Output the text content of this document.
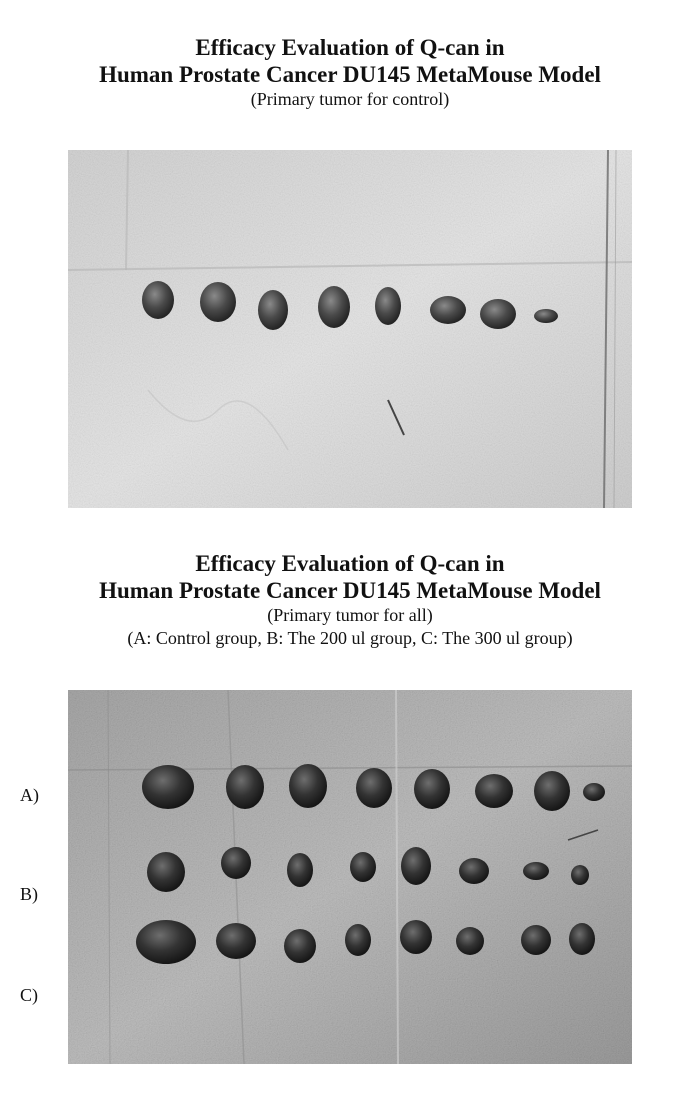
Efficacy Evaluation of Q-can in
Human Prostate Cancer DU145 MetaMouse Model
(Primary tumor for control)
Efficacy Evaluation of Q-can in
Human Prostate Cancer DU145 MetaMouse Model
(Primary tumor for all)
(A: Control group, B: The 200 ul group, C: The 300 ul group)
A)
B)
C)
